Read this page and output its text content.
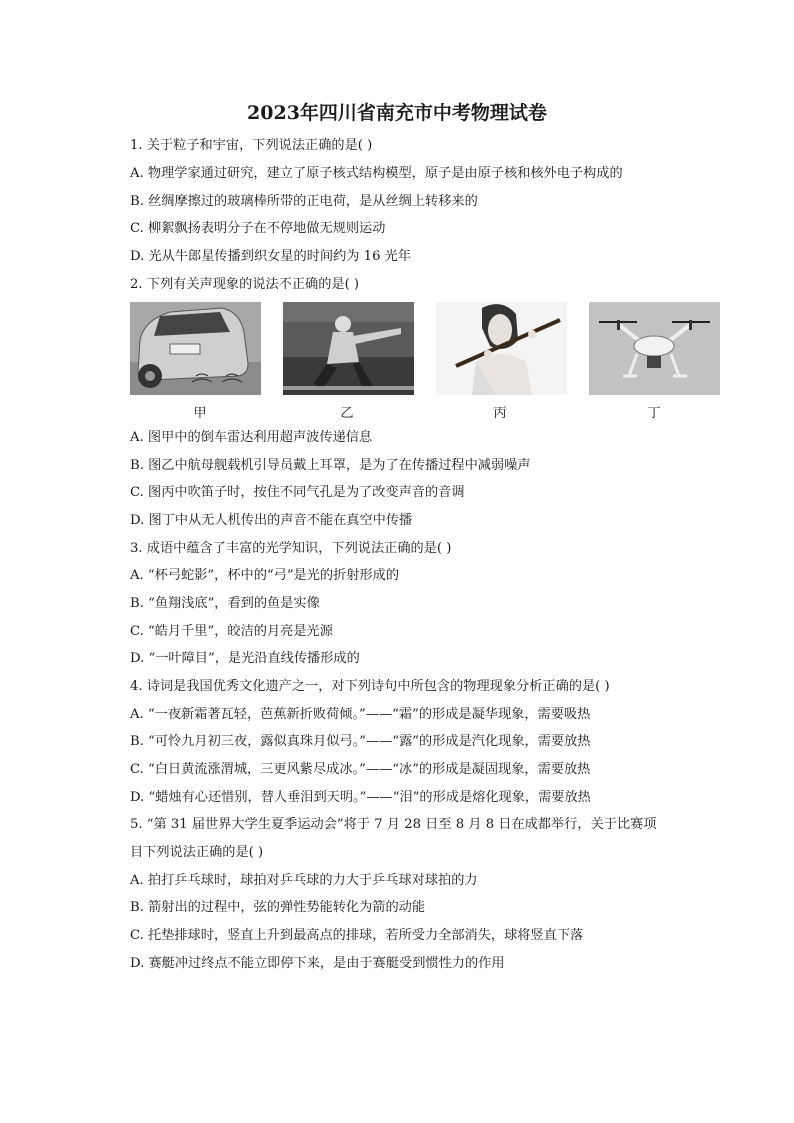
2023年四川省南充市中考物理试卷
1. 关于粒子和宇宙，下列说法正确的是( )
A. 物理学家通过研究，建立了原子核式结构模型，原子是由原子核和核外电子构成的
B. 丝绸摩擦过的玻璃棒所带的正电荷，是从丝绸上转移来的
C. 柳絮飘扬表明分子在不停地做无规则运动
D. 光从牛郎星传播到织女星的时间约为 16 光年
2. 下列有关声现象的说法不正确的是( )
甲	乙	丙	丁
A. 图甲中的倒车雷达利用超声波传递信息
B. 图乙中航母舰载机引导员戴上耳罩，是为了在传播过程中减弱噪声
C. 图丙中吹笛子时，按住不同气孔是为了改变声音的音调
D. 图丁中从无人机传出的声音不能在真空中传播
3. 成语中蕴含了丰富的光学知识，下列说法正确的是( )
A. “杯弓蛇影”，杯中的“弓”是光的折射形成的
B. “鱼翔浅底”，看到的鱼是实像
C. “皓月千里”，皎洁的月亮是光源
D. “一叶障目”，是光沿直线传播形成的
4. 诗词是我国优秀文化遗产之一，对下列诗句中所包含的物理现象分析正确的是( )
A. “一夜新霜著瓦轻，芭蕉新折败荷倾。”——“霜”的形成是凝华现象，需要吸热
B. “可怜九月初三夜，露似真珠月似弓。”——“露”的形成是汽化现象，需要放热
C. “白日黄流涨渭城，三更风紫尽成冰。”——“冰”的形成是凝固现象，需要放热
D. “蜡烛有心还惜别，替人垂泪到天明。”——“泪”的形成是熔化现象，需要放热
5. “第 31 届世界大学生夏季运动会”将于 7 月 28 日至 8 月 8 日在成都举行，关于比赛项
目下列说法正确的是( )
A. 拍打乒乓球时，球拍对乒乓球的力大于乒乓球对球拍的力
B. 箭射出的过程中，弦的弹性势能转化为箭的动能
C. 托垫排球时，竖直上升到最高点的排球，若所受力全部消失，球将竖直下落
D. 赛艇冲过终点不能立即停下来，是由于赛艇受到惯性力的作用
